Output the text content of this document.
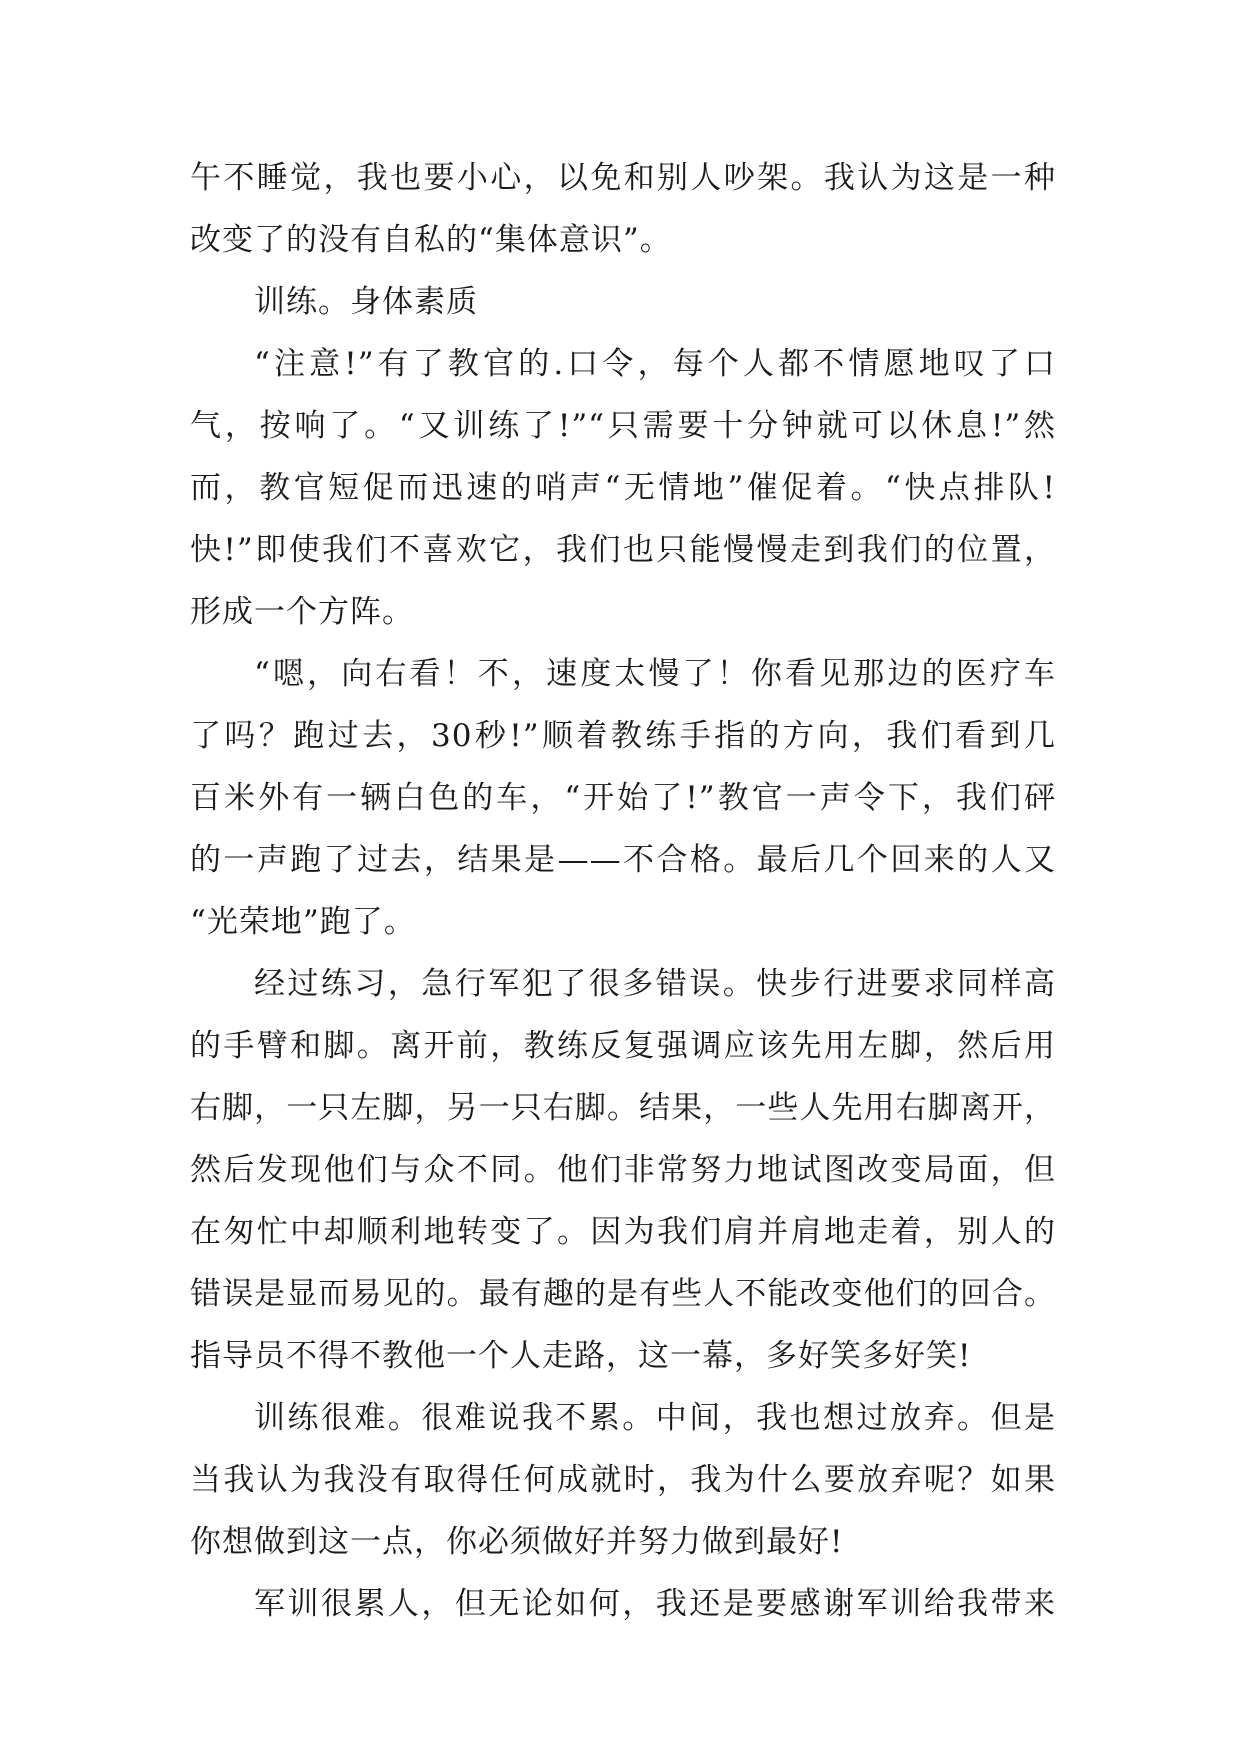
午不睡觉，我也要小心，以免和别人吵架。我认为这是一种
改变了的没有自私的“集体意识”。
训练。身体素质
“注意!”有了教官的.口令，每个人都不情愿地叹了口
气，按响了。“又训练了!”“只需要十分钟就可以休息!”然
而，教官短促而迅速的哨声“无情地”催促着。“快点排队!
快!”即使我们不喜欢它，我们也只能慢慢走到我们的位置，
形成一个方阵。
“嗯，向右看！不，速度太慢了！你看见那边的医疗车
了吗？跑过去，30秒!”顺着教练手指的方向，我们看到几
百米外有一辆白色的车，“开始了!”教官一声令下，我们砰
的一声跑了过去，结果是——不合格。最后几个回来的人又
“光荣地”跑了。
经过练习，急行军犯了很多错误。快步行进要求同样高
的手臂和脚。离开前，教练反复强调应该先用左脚，然后用
右脚，一只左脚，另一只右脚。结果，一些人先用右脚离开，
然后发现他们与众不同。他们非常努力地试图改变局面，但
在匆忙中却顺利地转变了。因为我们肩并肩地走着，别人的
错误是显而易见的。最有趣的是有些人不能改变他们的回合。
指导员不得不教他一个人走路，这一幕，多好笑多好笑!
训练很难。很难说我不累。中间，我也想过放弃。但是
当我认为我没有取得任何成就时，我为什么要放弃呢？如果
你想做到这一点，你必须做好并努力做到最好!
军训很累人，但无论如何，我还是要感谢军训给我带来
